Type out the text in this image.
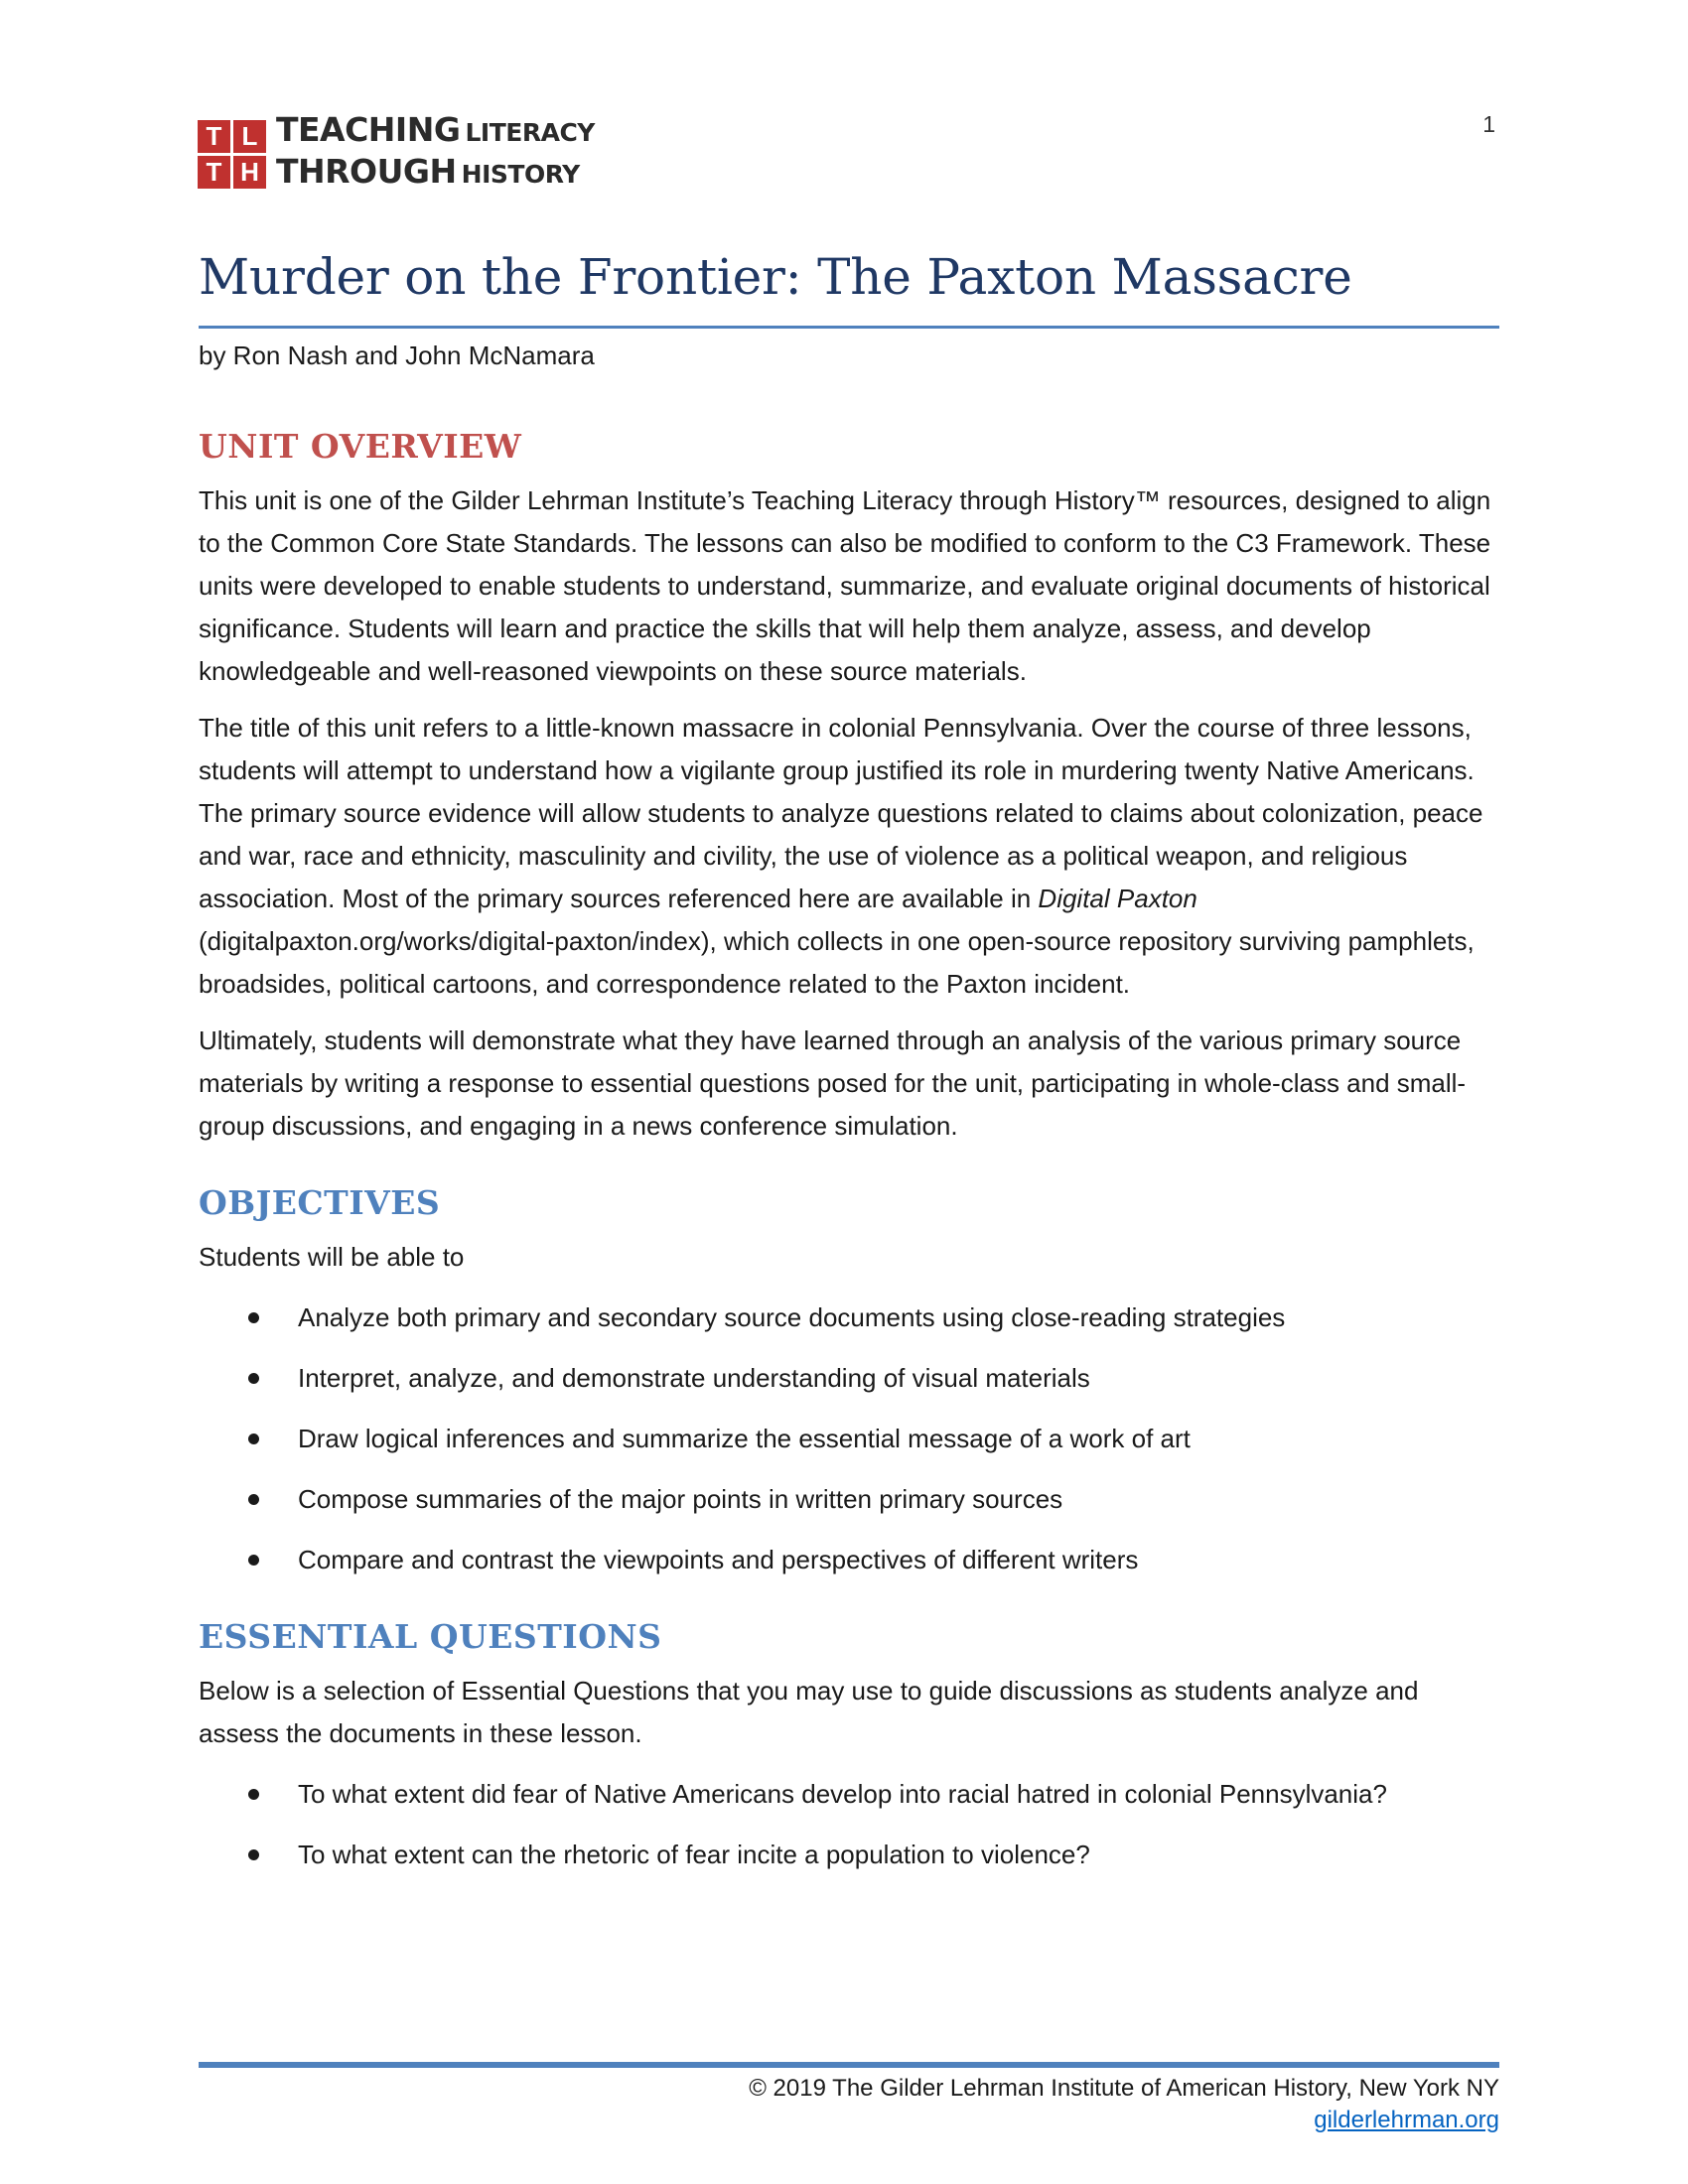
T L
T H
TEACHING LITERACY
THROUGH HISTORY
1
Murder on the Frontier: The Paxton Massacre
by Ron Nash and John McNamara
UNIT OVERVIEW

This unit is one of the Gilder Lehrman Institute’s Teaching Literacy through History™ resources, designed to align to the Common Core State Standards. The lessons can also be modified to conform to the C3 Framework. These units were developed to enable students to understand, summarize, and evaluate original documents of historical significance. Students will learn and practice the skills that will help them analyze, assess, and develop knowledgeable and well-reasoned viewpoints on these source materials.

The title of this unit refers to a little-known massacre in colonial Pennsylvania. Over the course of three lessons, students will attempt to understand how a vigilante group justified its role in murdering twenty Native Americans. The primary source evidence will allow students to analyze questions related to claims about colonization, peace and war, race and ethnicity, masculinity and civility, the use of violence as a political weapon, and religious association. Most of the primary sources referenced here are available in Digital Paxton (digitalpaxton.org/works/digital-paxton/index), which collects in one open-source repository surviving pamphlets, broadsides, political cartoons, and correspondence related to the Paxton incident.

Ultimately, students will demonstrate what they have learned through an analysis of the various primary source materials by writing a response to essential questions posed for the unit, participating in whole-class and small-group discussions, and engaging in a news conference simulation.

OBJECTIVES

Students will be able to

Analyze both primary and secondary source documents using close-reading strategies
Interpret, analyze, and demonstrate understanding of visual materials
Draw logical inferences and summarize the essential message of a work of art
Compose summaries of the major points in written primary sources
Compare and contrast the viewpoints and perspectives of different writers
ESSENTIAL QUESTIONS

Below is a selection of Essential Questions that you may use to guide discussions as students analyze and assess the documents in these lesson.

To what extent did fear of Native Americans develop into racial hatred in colonial Pennsylvania?
To what extent can the rhetoric of fear incite a population to violence?
© 2019 The Gilder Lehrman Institute of American History, New York NY
gilderlehrman.org
